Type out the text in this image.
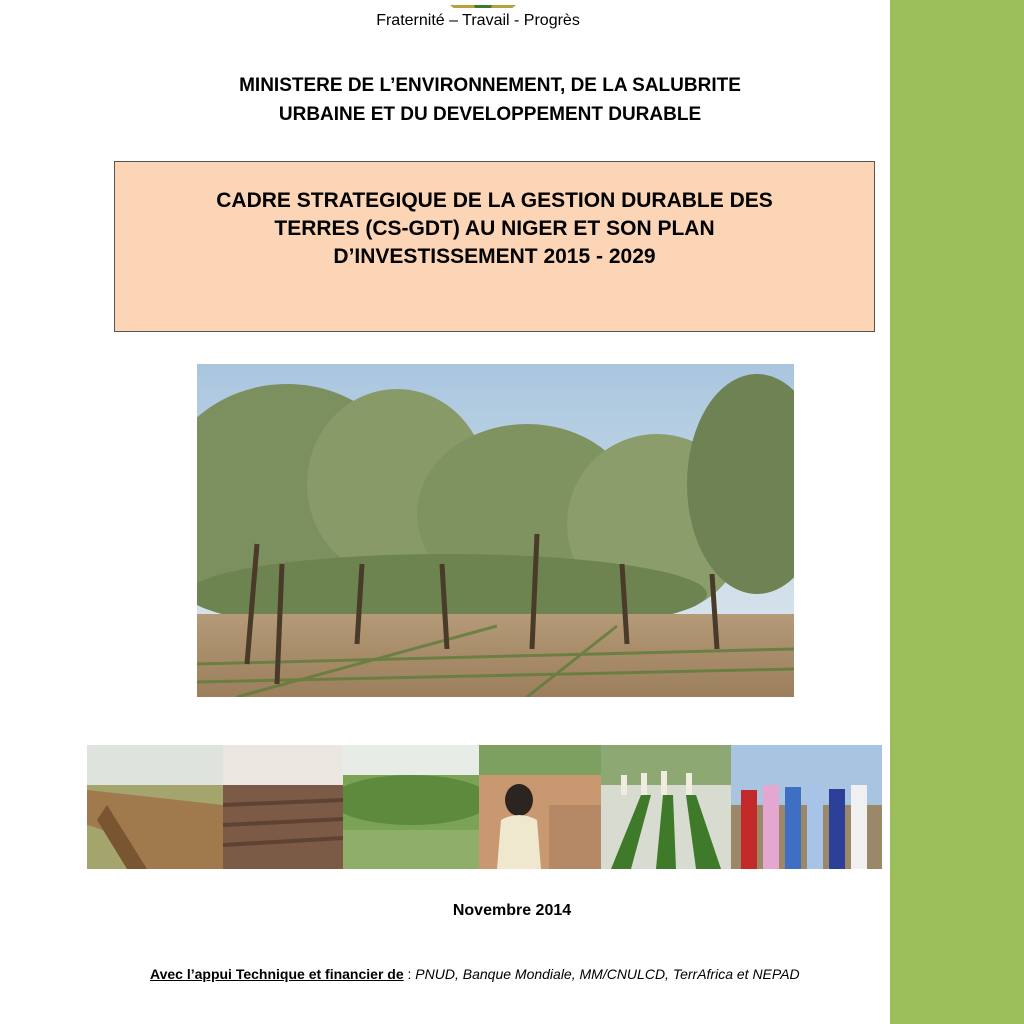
Fraternité – Travail - Progrès
MINISTERE DE L’ENVIRONNEMENT, DE LA SALUBRITE
URBAINE ET DU DEVELOPPEMENT DURABLE
CADRE STRATEGIQUE DE LA GESTION DURABLE DES
TERRES (CS-GDT) AU NIGER ET SON PLAN
D’INVESTISSEMENT 2015 - 2029
Novembre 2014
Avec l’appui Technique et financier de : PNUD, Banque Mondiale, MM/CNULCD, TerrAfrica et NEPAD
